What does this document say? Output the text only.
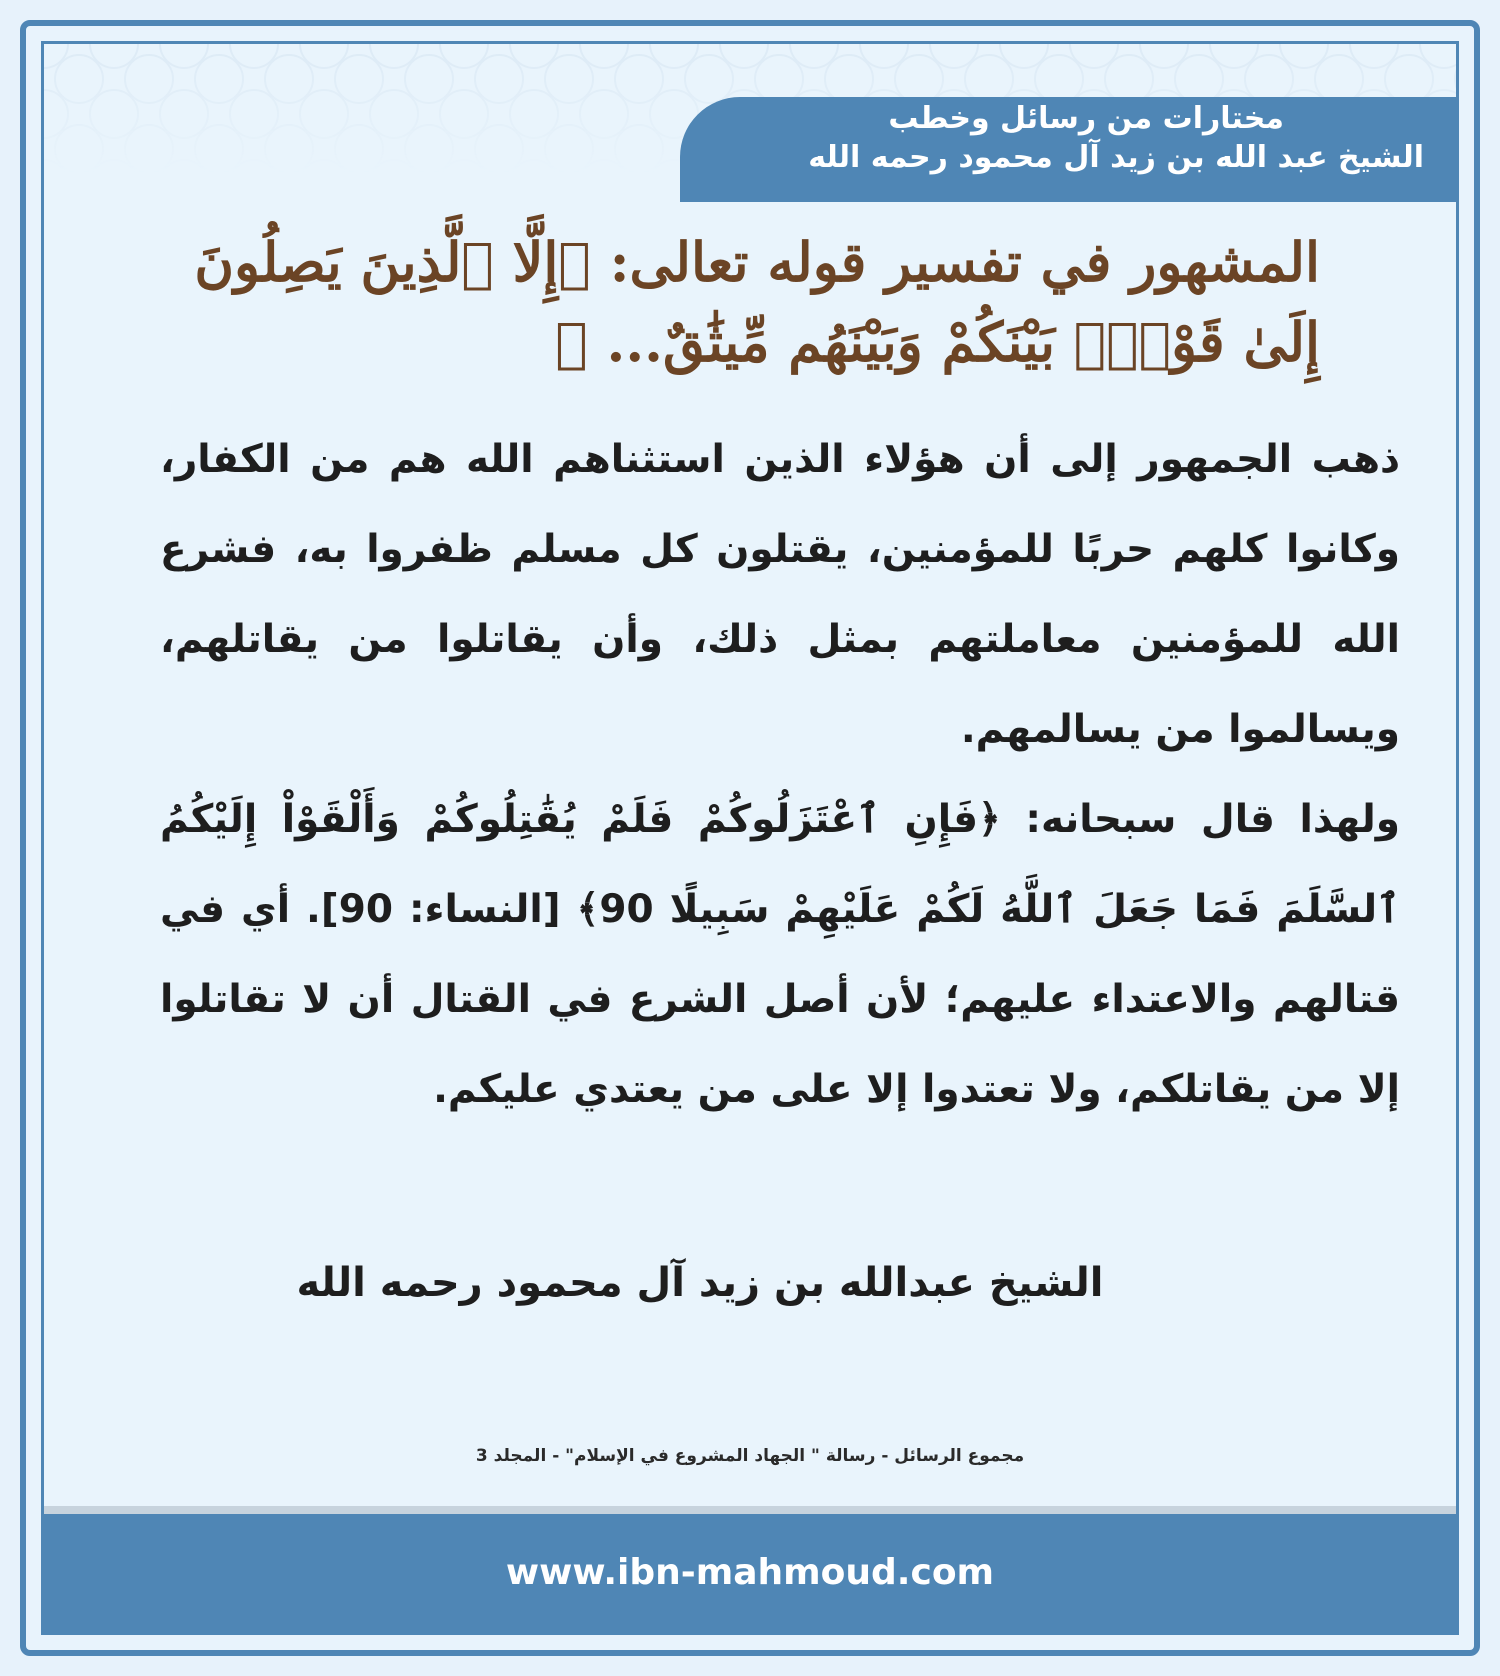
مختارات من رسائل وخطب
الشيخ عبد الله بن زيد آل محمود رحمه الله
المشهور في تفسير قوله تعالى: ﴿إِلَّا ٱلَّذِينَ يَصِلُونَ إِلَىٰ قَوْمِۭ بَيْنَكُمْ وَبَيْنَهُم مِّيثَٰقٌ... ﴾

ذهب الجمهور إلى أن هؤلاء الذين استثناهم الله هم من الكفار، وكانوا كلهم حربًا للمؤمنين، يقتلون كل مسلم ظفروا به، فشرع الله للمؤمنين معاملتهم بمثل ذلك، وأن يقاتلوا من يقاتلهم، ويسالموا من يسالمهم.

ولهذا قال سبحانه: ﴿فَإِنِ ٱعْتَزَلُوكُمْ فَلَمْ يُقَٰتِلُوكُمْ وَأَلْقَوْاْ إِلَيْكُمُ ٱلسَّلَمَ فَمَا جَعَلَ ٱللَّهُ لَكُمْ عَلَيْهِمْ سَبِيلًا 90﴾ [النساء: 90]. أي في قتالهم والاعتداء عليهم؛ لأن أصل الشرع في القتال أن لا تقاتلوا إلا من يقاتلكم، ولا تعتدوا إلا على من يعتدي عليكم.

الشيخ عبدالله بن زيد آل محمود رحمه الله
مجموع الرسائل - رسالة " الجهاد المشروع في الإسلام" - المجلد 3
www.ibn-mahmoud.com
